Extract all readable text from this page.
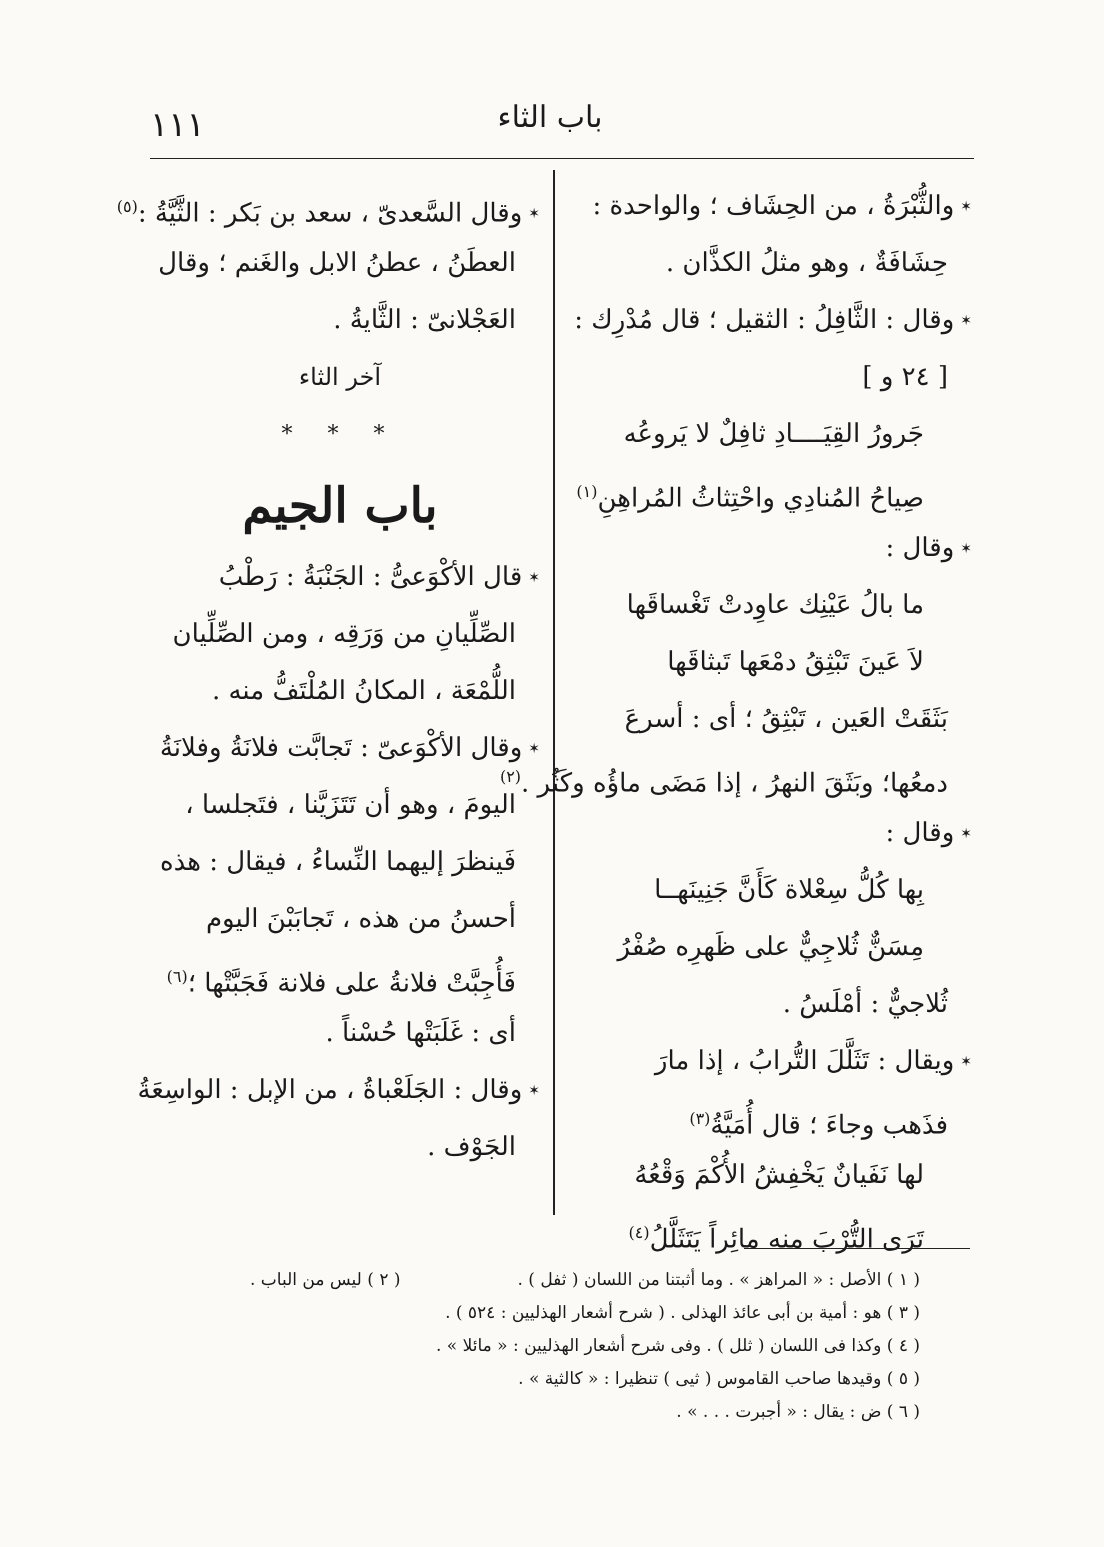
١١١	باب الثاء
✶والثُّبْرَةُ ، من الحِشَاف ؛ والواحدة :
حِشَافَةٌ ، وهو مثلُ الكذَّان .
✶وقال : الثَّافِلُ : الثقيل ؛ قال مُدْرِك :
[ ٢٤ و ]
جَرورُ القِيَــــادِ ثافِلٌ لا يَروعُه
صِياحُ المُنادِي واحْتِثاثُ المُراهِنِ$^{(١)}$
✶وقال :
ما بالُ عَيْنِك عاوِدتْ تَغْساقَها
لاَ عَينَ تَبْثِقُ دمْعَها تَبثاقَها
بَثَقَتْ العَين ، تَبْثِقُ ؛ أى : أسرعَ
دمعُها؛ وبَثَقَ النهرُ ، إذا مَضَى ماؤُه وكَثُر .$^{(٢)}$
✶وقال :
بِها كُلُّ سِعْلاة كَأَنَّ جَنِينَهــا
مِسَنٌّ ثُلاجِيٌّ على ظَهرِه صُفْرُ
ثُلاجيٌّ : أمْلَسُ .
✶ويقال : تَثَلَّلَ التُّرابُ ، إذا مارَ
فذَهب وجاءَ ؛ قال أُمَيَّةُ$^{(٣)}$
لها نَفَيانٌ يَخْفِشُ الأُكْمَ وَقْعُهُ
تَرَى التُّرْبَ منه مائِراً يَتَثَلَّلُ$^{(٤)}$
✶وقال السَّعدىّ ، سعد بن بَكر : الثَّيَّةُ :$^{(٥)}$
العطَنُ ، عطنُ الابل والغَنم ؛ وقال
العَجْلانىّ : الثَّايةُ .
آخر الثاء
* * *
باب الجيم
✶قال الأكْوَعىُّ : الجَنْبَةُ : رَطْبُ
الصِّلِّيانِ من وَرَقِه ، ومن الصِّلِّيان
اللُّمْعَة ، المكانُ المُلْتَفُّ منه .
✶وقال الأكْوَعىّ : تَجابَّت فلانَةُ وفلانَةُ
اليومَ ، وهو أن تَتَزَيَّنا ، فتَجلسا ،
فَينظرَ إليهما النِّساءُ ، فيقال : هذه
أحسنُ من هذه ، تَجابَبْنَ اليوم
فَأُجِبَّتْ فلانةُ على فلانة فَجَبَّتْها ؛$^{(٦)}$
أى : غَلَبَتْها حُسْناً .
✶وقال : الجَلَعْباةُ ، من الإبل : الواسِعَةُ
الجَوْف .
( ١ ) الأصل : « المراهز » . وما أثبتنا من اللسان ( ثفل ) .
( ٢ ) ليس من الباب .
( ٣ ) هو : أمية بن أبى عائذ الهذلى . ( شرح أشعار الهذليين : ٥٢٤ ) .
( ٤ ) وكذا فى اللسان ( ثلل ) . وفى شرح أشعار الهذليين : « مائلا » .
( ٥ ) وقيدها صاحب القاموس ( ثيى ) تنظيرا : « كالثية » .
( ٦ ) ض : يقال : « أجبرت . . . » .
